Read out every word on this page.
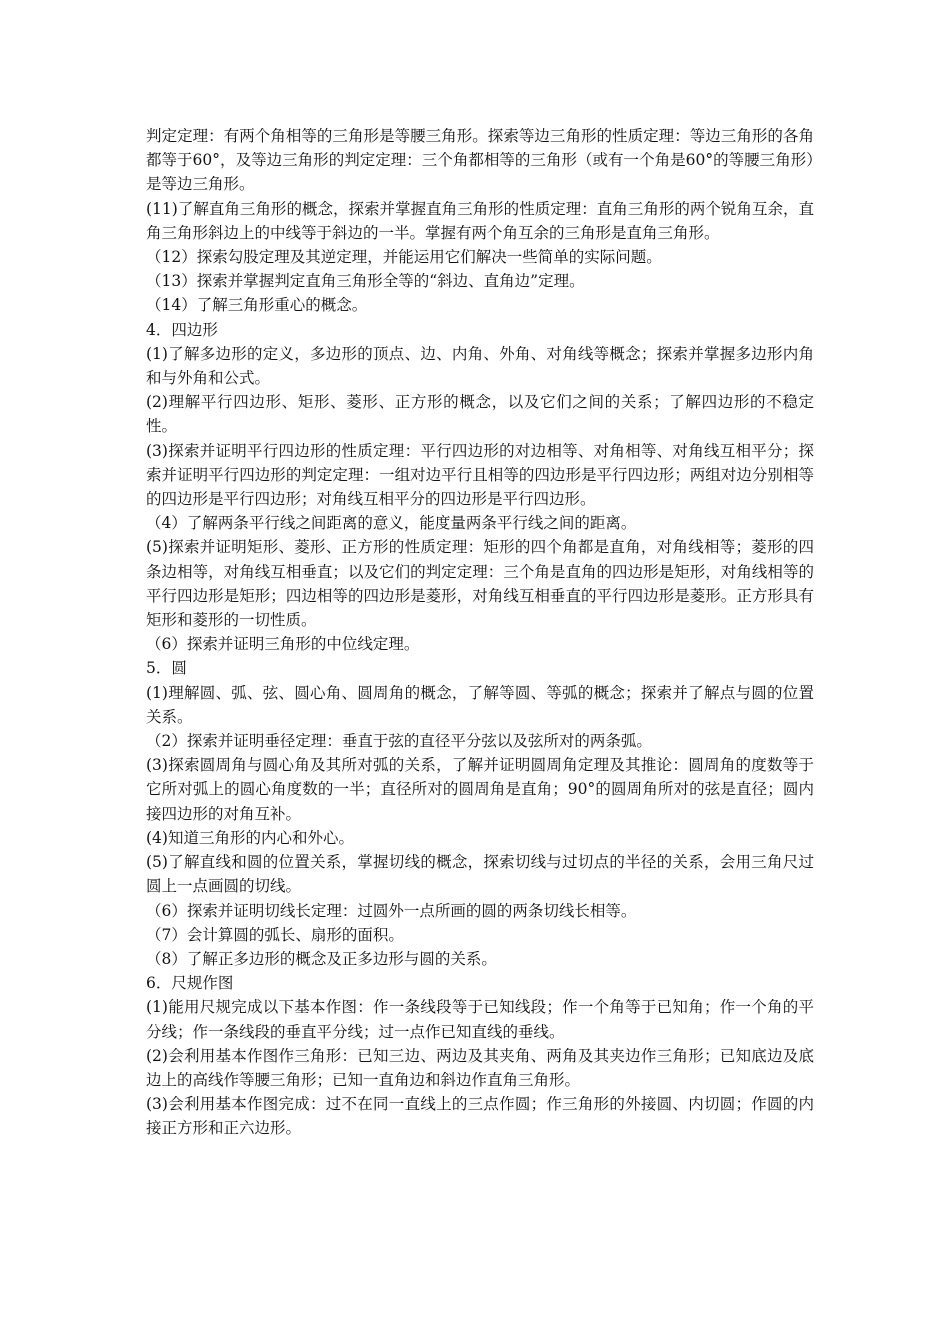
判定定理：有两个角相等的三角形是等腰三角形。探索等边三角形的性质定理：等边三角形的各角都等于60°，及等边三角形的判定定理：三个角都相等的三角形（或有一个角是60°的等腰三角形）是等边三角形。

(11)了解直角三角形的概念，探索并掌握直角三角形的性质定理：直角三角形的两个锐角互余，直角三角形斜边上的中线等于斜边的一半。掌握有两个角互余的三角形是直角三角形。

（12）探索勾股定理及其逆定理，并能运用它们解决一些简单的实际问题。

（13）探索并掌握判定直角三角形全等的“斜边、直角边”定理。

（14）了解三角形重心的概念。

4．四边形

(1)了解多边形的定义，多边形的顶点、边、内角、外角、对角线等概念；探索并掌握多边形内角和与外角和公式。

(2)理解平行四边形、矩形、菱形、正方形的概念，以及它们之间的关系；了解四边形的不稳定性。

(3)探索并证明平行四边形的性质定理：平行四边形的对边相等、对角相等、对角线互相平分；探索并证明平行四边形的判定定理：一组对边平行且相等的四边形是平行四边形；两组对边分别相等的四边形是平行四边形；对角线互相平分的四边形是平行四边形。

（4）了解两条平行线之间距离的意义，能度量两条平行线之间的距离。

(5)探索并证明矩形、菱形、正方形的性质定理：矩形的四个角都是直角，对角线相等；菱形的四条边相等，对角线互相垂直；以及它们的判定定理：三个角是直角的四边形是矩形，对角线相等的平行四边形是矩形；四边相等的四边形是菱形，对角线互相垂直的平行四边形是菱形。正方形具有矩形和菱形的一切性质。

（6）探索并证明三角形的中位线定理。

5．圆

(1)理解圆、弧、弦、圆心角、圆周角的概念，了解等圆、等弧的概念；探索并了解点与圆的位置关系。

（2）探索并证明垂径定理：垂直于弦的直径平分弦以及弦所对的两条弧。

(3)探索圆周角与圆心角及其所对弧的关系，了解并证明圆周角定理及其推论：圆周角的度数等于它所对弧上的圆心角度数的一半；直径所对的圆周角是直角；90°的圆周角所对的弦是直径；圆内接四边形的对角互补。

(4)知道三角形的内心和外心。

(5)了解直线和圆的位置关系，掌握切线的概念，探索切线与过切点的半径的关系，会用三角尺过圆上一点画圆的切线。

（6）探索并证明切线长定理：过圆外一点所画的圆的两条切线长相等。

（7）会计算圆的弧长、扇形的面积。

（8）了解正多边形的概念及正多边形与圆的关系。

6．尺规作图

(1)能用尺规完成以下基本作图：作一条线段等于已知线段；作一个角等于已知角；作一个角的平分线；作一条线段的垂直平分线；过一点作已知直线的垂线。

(2)会利用基本作图作三角形：已知三边、两边及其夹角、两角及其夹边作三角形；已知底边及底边上的高线作等腰三角形；已知一直角边和斜边作直角三角形。

(3)会利用基本作图完成：过不在同一直线上的三点作圆；作三角形的外接圆、内切圆；作圆的内接正方形和正六边形。
